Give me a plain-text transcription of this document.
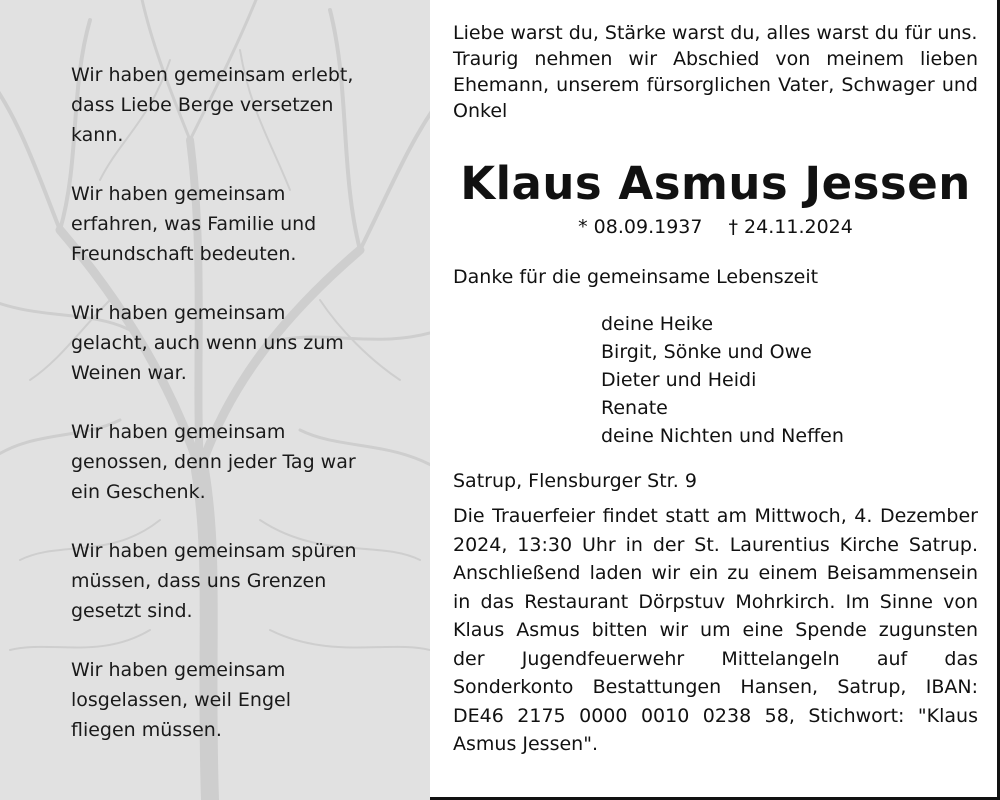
Wir haben gemeinsam erlebt,
dass Liebe Berge versetzen
kann.
Wir haben gemeinsam
erfahren, was Familie und
Freundschaft bedeuten.
Wir haben gemeinsam
gelacht, auch wenn uns zum
Weinen war.
Wir haben gemeinsam
genossen, denn jeder Tag war
ein Geschenk.
Wir haben gemeinsam spüren
müssen, dass uns Grenzen
gesetzt sind.
Wir haben gemeinsam
losgelassen, weil Engel
fliegen müssen.

Liebe warst du, Stärke warst du, alles warst du für uns.
Traurig nehmen wir Abschied von meinem lieben
Ehemann, unserem fürsorglichen Vater, Schwager und
Onkel

Klaus Asmus Jessen
* 08.09.1937 † 24.11.2024
Danke für die gemeinsame Lebenszeit
deine Heike
Birgit, Sönke und Owe
Dieter und Heidi
Renate
deine Nichten und Neffen
Satrup, Flensburger Str. 9
Die Trauerfeier findet statt am Mittwoch, 4. Dezember
2024, 13:30 Uhr in der St. Laurentius Kirche Satrup.
Anschließend laden wir ein zu einem Beisammensein
in das Restaurant Dörpstuv Mohrkirch. Im Sinne von
Klaus Asmus bitten wir um eine Spende zugunsten
der Jugendfeuerwehr Mittelangeln auf das
Sonderkonto Bestattungen Hansen, Satrup, IBAN:
DE46 2175 0000 0010 0238 58, Stichwort: "Klaus
Asmus Jessen".
